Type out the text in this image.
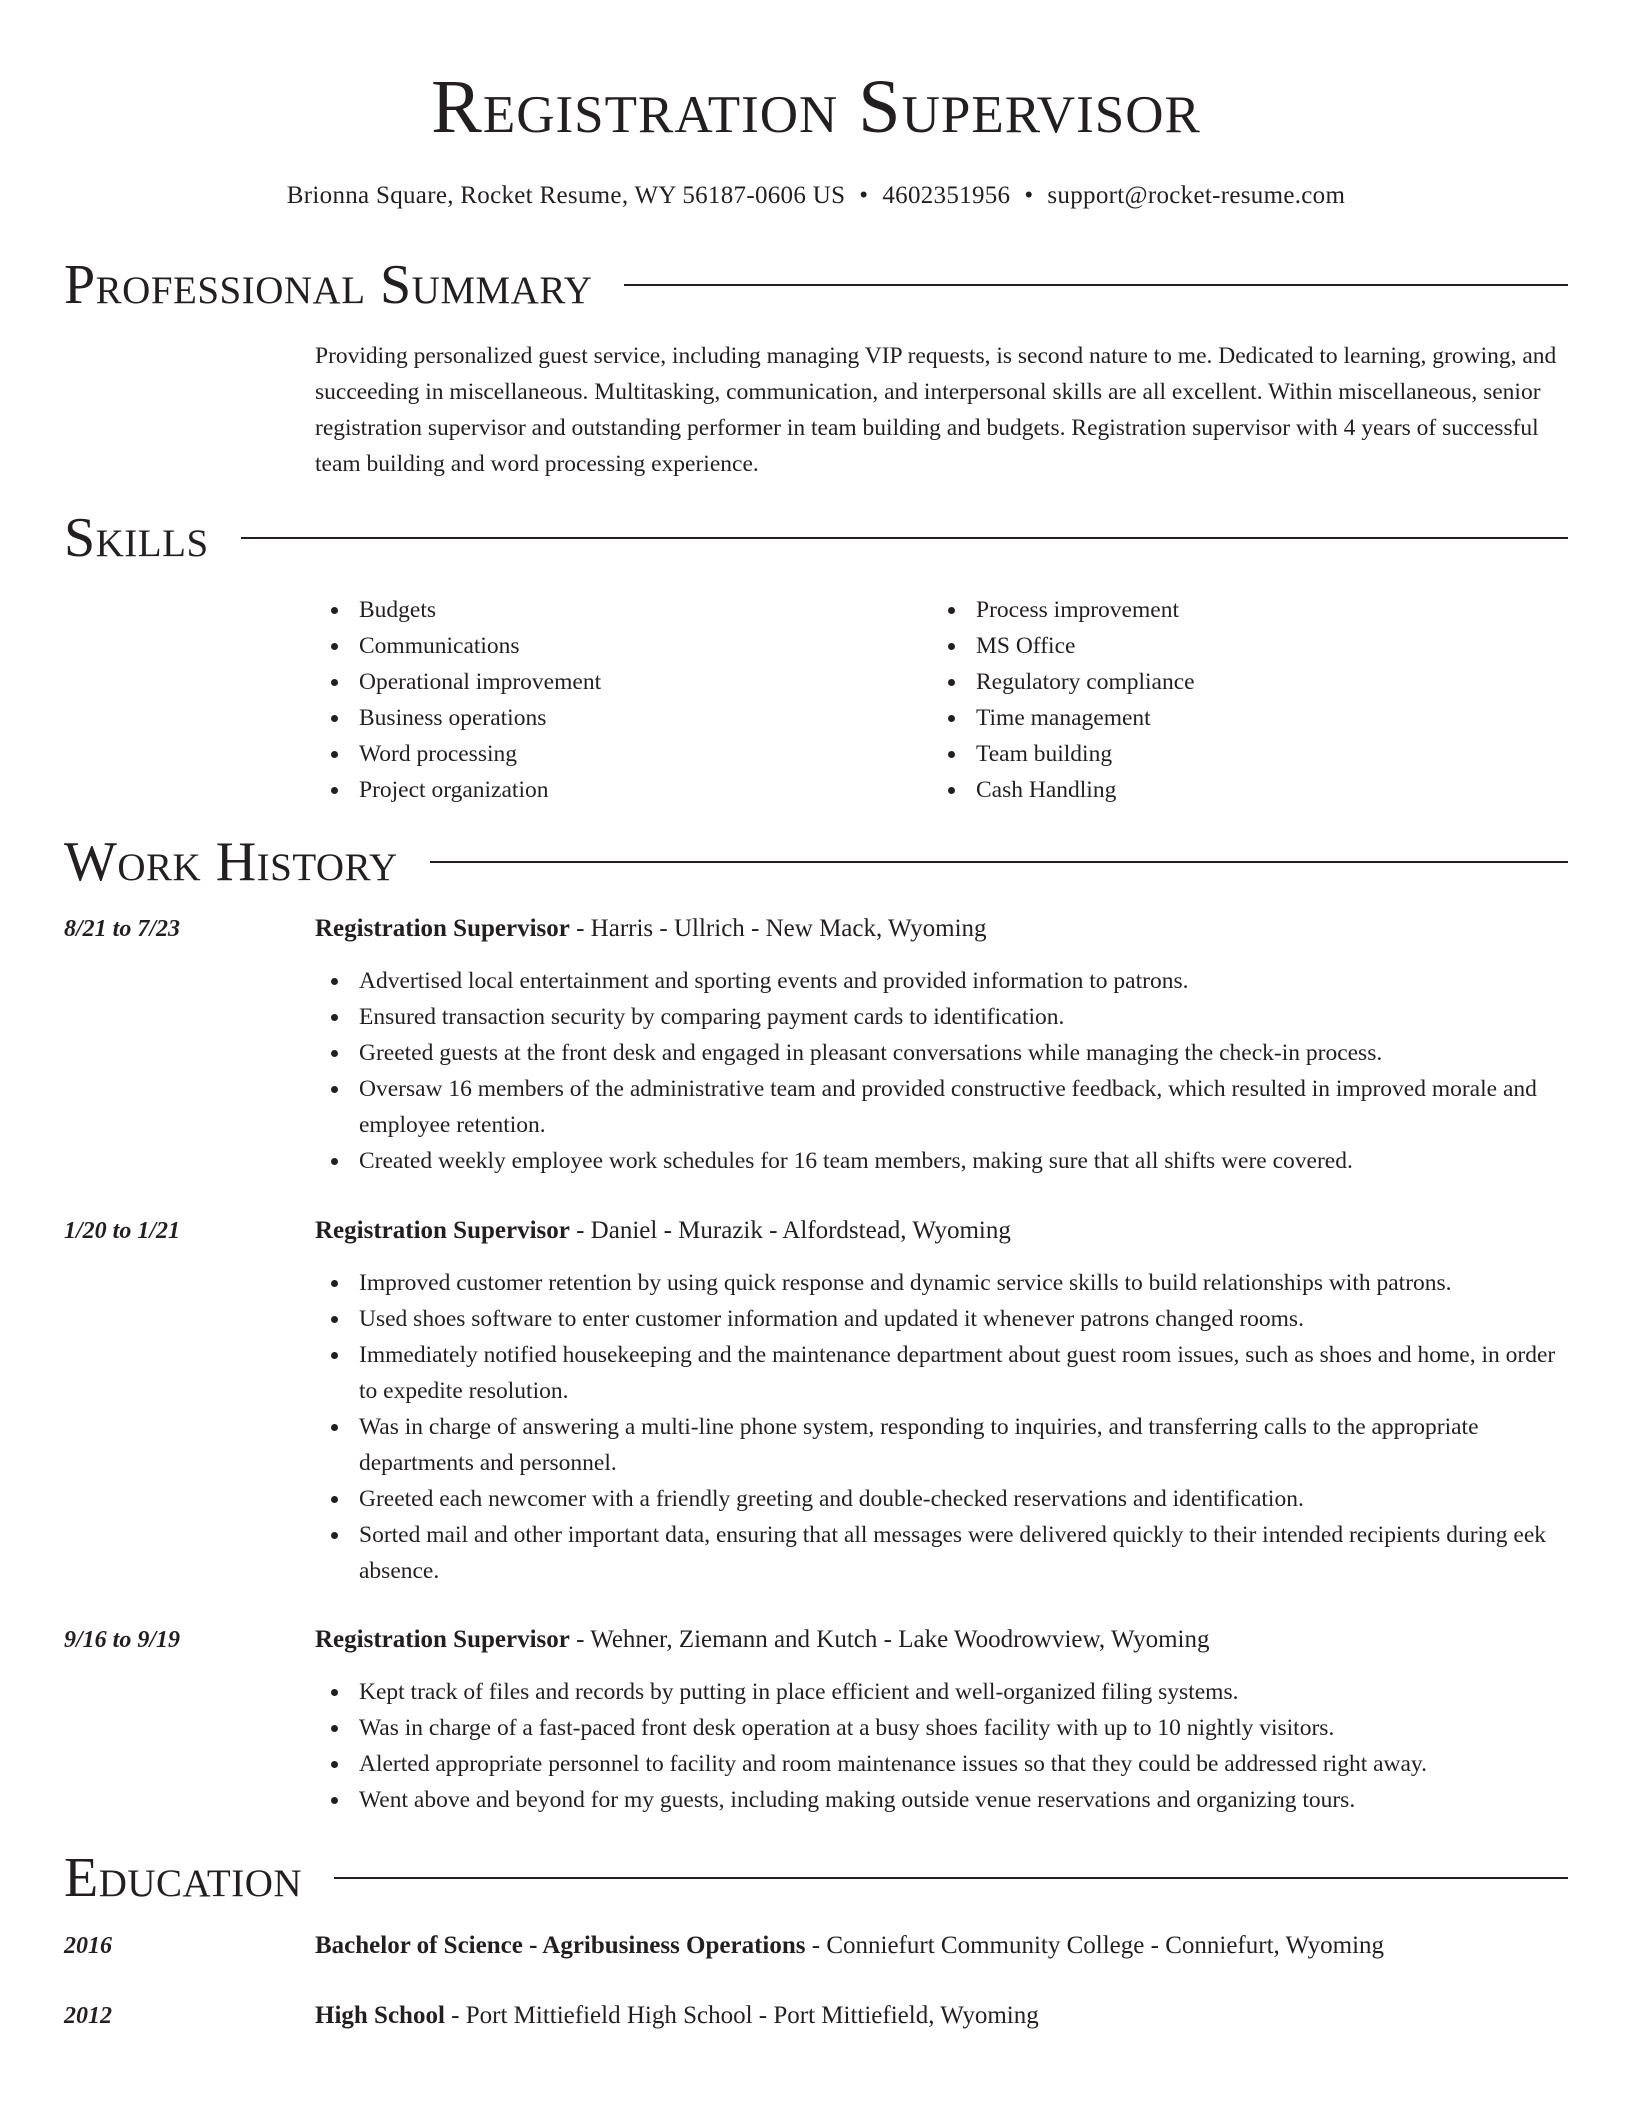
Registration Supervisor
Brionna Square, Rocket Resume, WY 56187-0606 US • 4602351956 • support@rocket-resume.com
Professional Summary

Providing personalized guest service, including managing VIP requests, is second nature to me. Dedicated to learning, growing, and succeeding in miscellaneous. Multitasking, communication, and interpersonal skills are all excellent. Within miscellaneous, senior registration supervisor and outstanding performer in team building and budgets. Registration supervisor with 4 years of successful team building and word processing experience.

Skills
Budgets
Communications
Operational improvement
Business operations
Word processing
Project organization
Process improvement
MS Office
Regulatory compliance
Time management
Team building
Cash Handling
Work History
8/21 to 7/23	Registration Supervisor - Harris - Ullrich - New Mack, Wyoming
Advertised local entertainment and sporting events and provided information to patrons.
Ensured transaction security by comparing payment cards to identification.
Greeted guests at the front desk and engaged in pleasant conversations while managing the check-in process.
Oversaw 16 members of the administrative team and provided constructive feedback, which resulted in improved morale and employee retention.
Created weekly employee work schedules for 16 team members, making sure that all shifts were covered.
1/20 to 1/21	Registration Supervisor - Daniel - Murazik - Alfordstead, Wyoming
Improved customer retention by using quick response and dynamic service skills to build relationships with patrons.
Used shoes software to enter customer information and updated it whenever patrons changed rooms.
Immediately notified housekeeping and the maintenance department about guest room issues, such as shoes and home, in order to expedite resolution.
Was in charge of answering a multi-line phone system, responding to inquiries, and transferring calls to the appropriate departments and personnel.
Greeted each newcomer with a friendly greeting and double-checked reservations and identification.
Sorted mail and other important data, ensuring that all messages were delivered quickly to their intended recipients during eek absence.
9/16 to 9/19	Registration Supervisor - Wehner, Ziemann and Kutch - Lake Woodrowview, Wyoming
Kept track of files and records by putting in place efficient and well-organized filing systems.
Was in charge of a fast-paced front desk operation at a busy shoes facility with up to 10 nightly visitors.
Alerted appropriate personnel to facility and room maintenance issues so that they could be addressed right away.
Went above and beyond for my guests, including making outside venue reservations and organizing tours.
Education
2016	Bachelor of Science - Agribusiness Operations - Conniefurt Community College - Conniefurt, Wyoming
2012	High School - Port Mittiefield High School - Port Mittiefield, Wyoming
